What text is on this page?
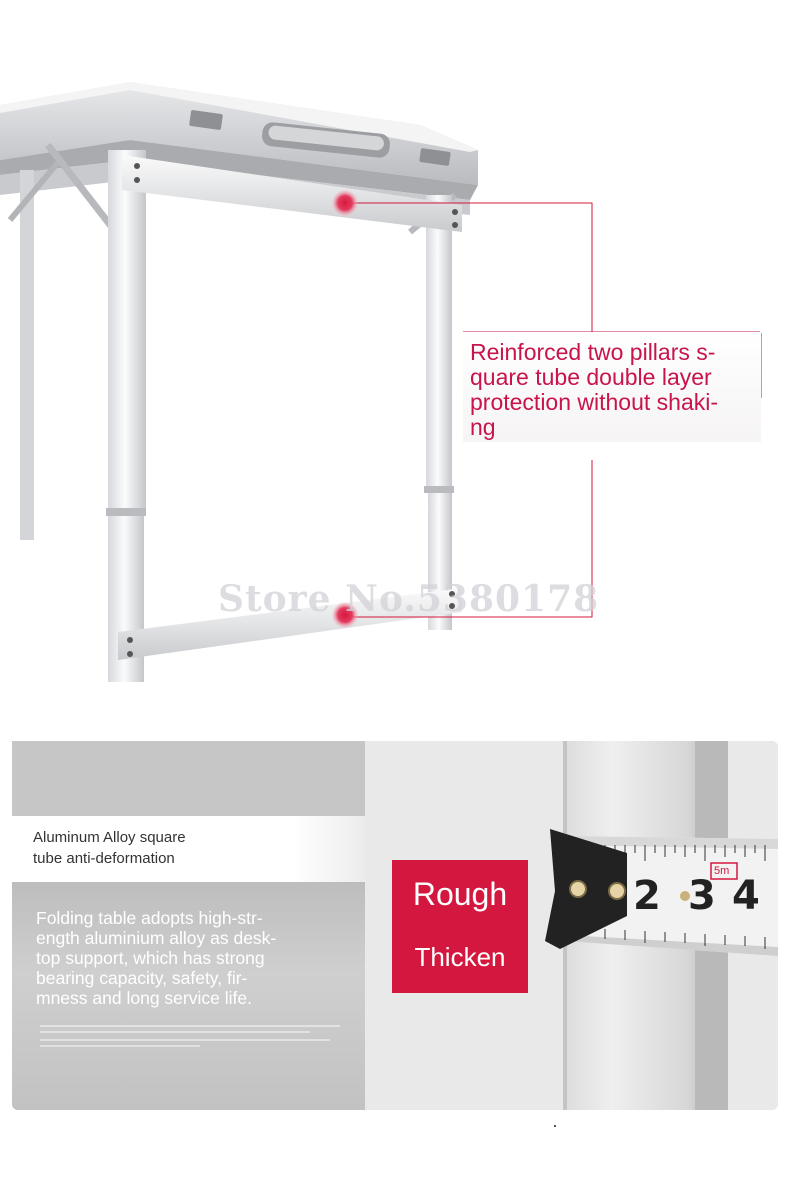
Reinforced two pillars s-
quare tube double layer
protection without shaki-
ng
Store No.5380178
Aluminum Alloy square
tube anti-deformation
Folding table adopts high-str-
ength aluminium alloy as desk-
top support, which has strong
bearing capacity, safety, fir-
mness and long service life.
2 3 4
5m
Rough
Thicken
